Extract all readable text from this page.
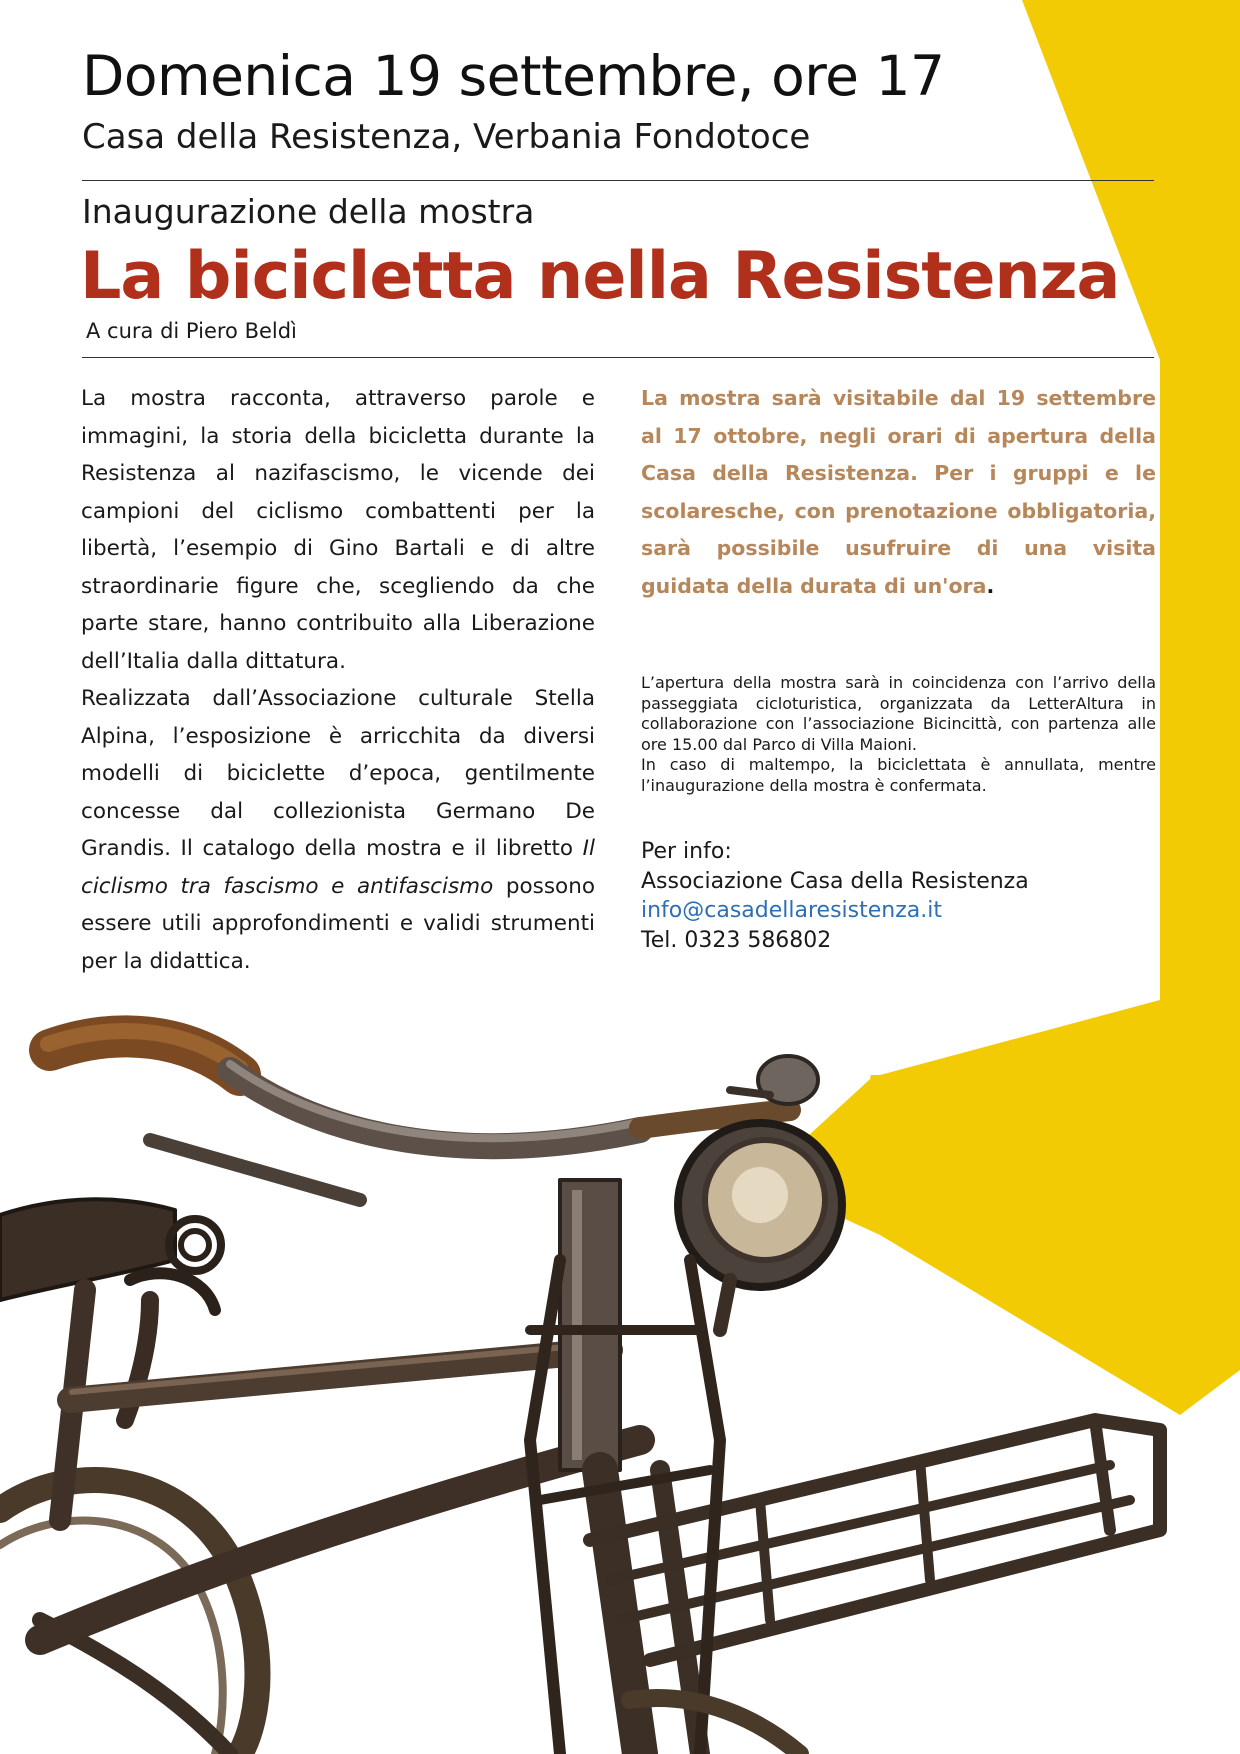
Domenica 19 settembre, ore 17
Casa della Resistenza, Verbania Fondotoce
Inaugurazione della mostra
La bicicletta nella Resistenza
A cura di Piero Beldì

La mostra racconta, attraverso parole e immagini, la storia della bicicletta durante la Resistenza al nazifascismo, le vicende dei campioni del ciclismo combattenti per la libertà, l’esempio di Gino Bartali e di altre straordinarie figure che, scegliendo da che parte stare, hanno contribuito alla Liberazione dell’Italia dalla dittatura.

Realizzata dall’Associazione culturale Stella Alpina, l’esposizione è arricchita da diversi modelli di biciclette d’epoca, gentilmente concesse dal collezionista Germano De Grandis. Il catalogo della mostra e il libretto Il ciclismo tra fascismo e antifascismo possono essere utili approfondimenti e validi strumenti per la didattica.

La mostra sarà visitabile dal 19 settembre al 17 ottobre, negli orari di apertura della Casa della Resistenza. Per i gruppi e le scolaresche, con prenotazione obbligatoria, sarà possibile usufruire di una visita guidata della durata di un'ora.

L’apertura della mostra sarà in coincidenza con l’arrivo della passeggiata cicloturistica, organizzata da LetterAltura in collaborazione con l’associazione Bicincittà, con partenza alle ore 15.00 dal Parco di Villa Maioni.

In caso di maltempo, la biciclettata è annullata, mentre l’inaugurazione della mostra è confermata.

Per info:
Associazione Casa della Resistenza
info@casadellaresistenza.it
Tel. 0323 586802
